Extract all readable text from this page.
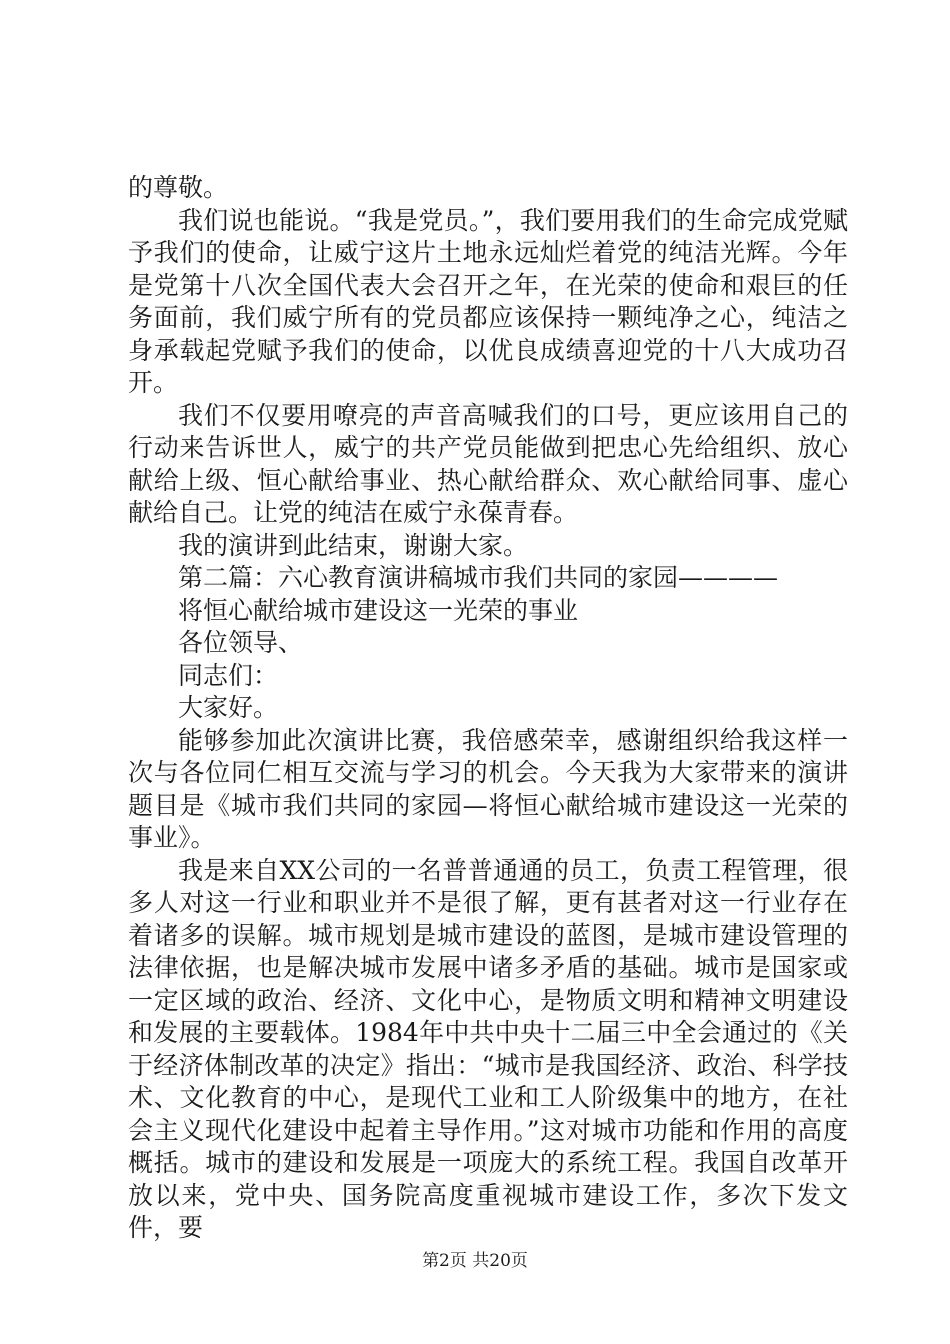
的尊敬。

我们说也能说。“我是党员。”，我们要用我们的生命完成党赋予我们的使命，让威宁这片土地永远灿烂着党的纯洁光辉。今年是党第十八次全国代表大会召开之年，在光荣的使命和艰巨的任务面前，我们威宁所有的党员都应该保持一颗纯净之心，纯洁之身承载起党赋予我们的使命，以优良成绩喜迎党的十八大成功召开。

我们不仅要用嘹亮的声音高喊我们的口号，更应该用自己的行动来告诉世人，威宁的共产党员能做到把忠心先给组织、放心献给上级、恒心献给事业、热心献给群众、欢心献给同事、虚心献给自己。让党的纯洁在威宁永葆青春。

我的演讲到此结束，谢谢大家。

第二篇：六心教育演讲稿城市我们共同的家园————

将恒心献给城市建设这一光荣的事业

各位领导、

同志们：

大家好。

能够参加此次演讲比赛，我倍感荣幸，感谢组织给我这样一次与各位同仁相互交流与学习的机会。今天我为大家带来的演讲题目是《城市我们共同的家园—将恒心献给城市建设这一光荣的事业》。

我是来自XX公司的一名普普通通的员工，负责工程管理，很多人对这一行业和职业并不是很了解，更有甚者对这一行业存在着诸多的误解。城市规划是城市建设的蓝图，是城市建设管理的法律依据，也是解决城市发展中诸多矛盾的基础。城市是国家或一定区域的政治、经济、文化中心，是物质文明和精神文明建设和发展的主要载体。1984年中共中央十二届三中全会通过的《关于经济体制改革的决定》指出：“城市是我国经济、政治、科学技术、文化教育的中心，是现代工业和工人阶级集中的地方，在社会主义现代化建设中起着主导作用。”这对城市功能和作用的高度概括。城市的建设和发展是一项庞大的系统工程。我国自改革开放以来，党中央、国务院高度重视城市建设工作，多次下发文件，要

第2页 共20页
